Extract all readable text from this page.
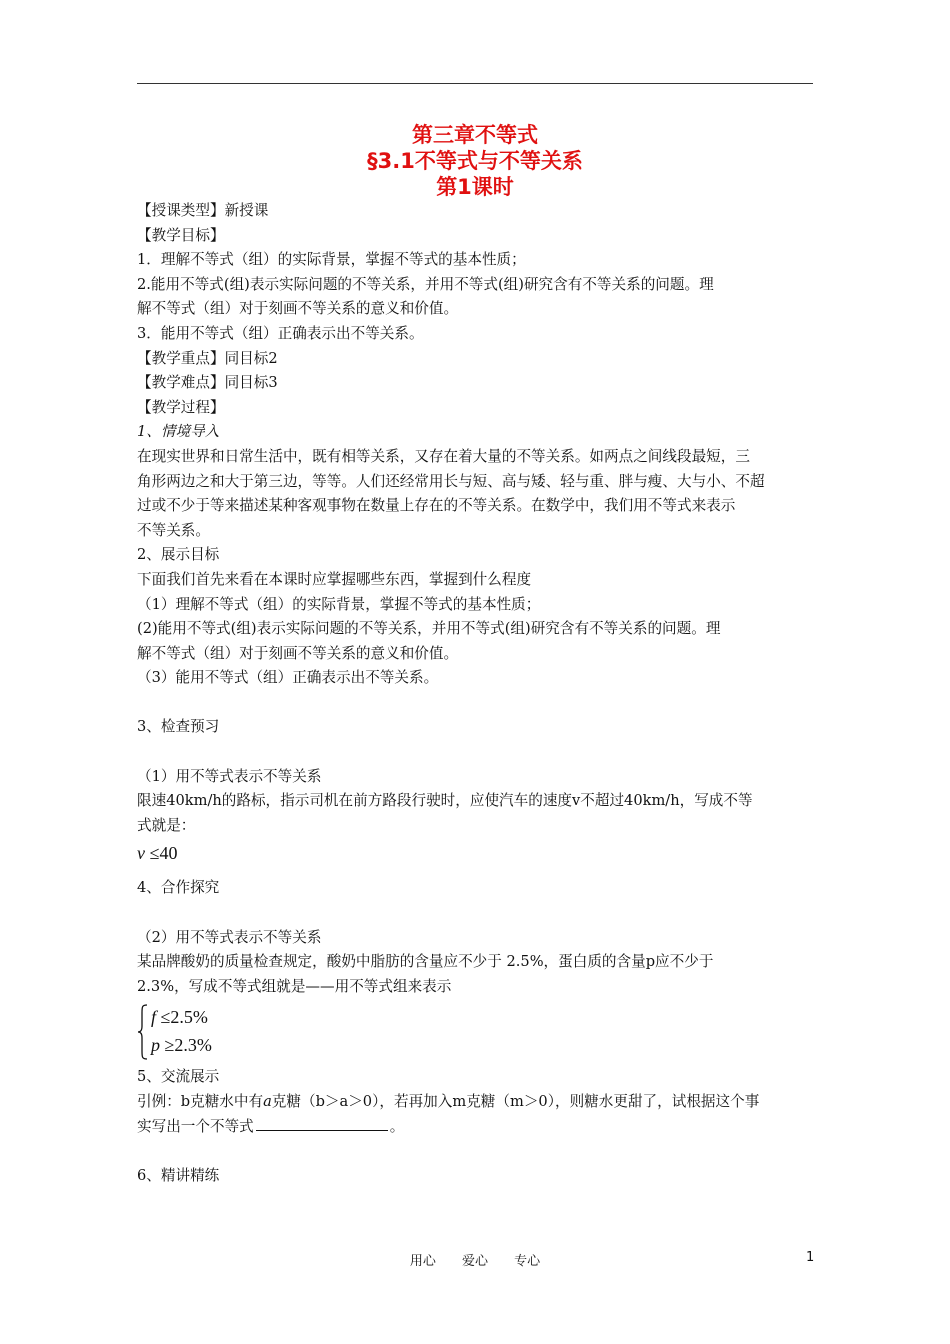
第三章不等式
§3.1不等式与不等关系
第1课时

【授课类型】新授课

【教学目标】

1．理解不等式（组）的实际背景，掌握不等式的基本性质；

2.能用不等式(组)表示实际问题的不等关系，并用不等式(组)研究含有不等关系的问题。理

解不等式（组）对于刻画不等关系的意义和价值。

3．能用不等式（组）正确表示出不等关系。

【教学重点】同目标2

【教学难点】同目标3

【教学过程】

1、情境导入

在现实世界和日常生活中，既有相等关系，又存在着大量的不等关系。如两点之间线段最短，三

角形两边之和大于第三边，等等。人们还经常用长与短、高与矮、轻与重、胖与瘦、大与小、不超

过或不少于等来描述某种客观事物在数量上存在的不等关系。在数学中，我们用不等式来表示

不等关系。

2、展示目标

下面我们首先来看在本课时应掌握哪些东西，掌握到什么程度

（1）理解不等式（组）的实际背景，掌握不等式的基本性质；

(2)能用不等式(组)表示实际问题的不等关系，并用不等式(组)研究含有不等关系的问题。理

解不等式（组）对于刻画不等关系的意义和价值。

（3）能用不等式（组）正确表示出不等关系。

3、检查预习

（1）用不等式表示不等关系

限速40km/h的路标，指示司机在前方路段行驶时，应使汽车的速度v不超过40km/h，写成不等

式就是：

v ≤40

4、合作探究

（2）用不等式表示不等关系

某品牌酸奶的质量检查规定，酸奶中脂肪的含量应不少于 2.5%，蛋白质的含量p应不少于

2.3%，写成不等式组就是——用不等式组来表示

f ≤2.5%
p ≥2.3%

5、交流展示

引例：b克糖水中有a克糖（b＞a＞0），若再加入m克糖（m＞0），则糖水更甜了，试根据这个事

实写出一个不等式	。

6、精讲精练

用心 爱心 专心	1
